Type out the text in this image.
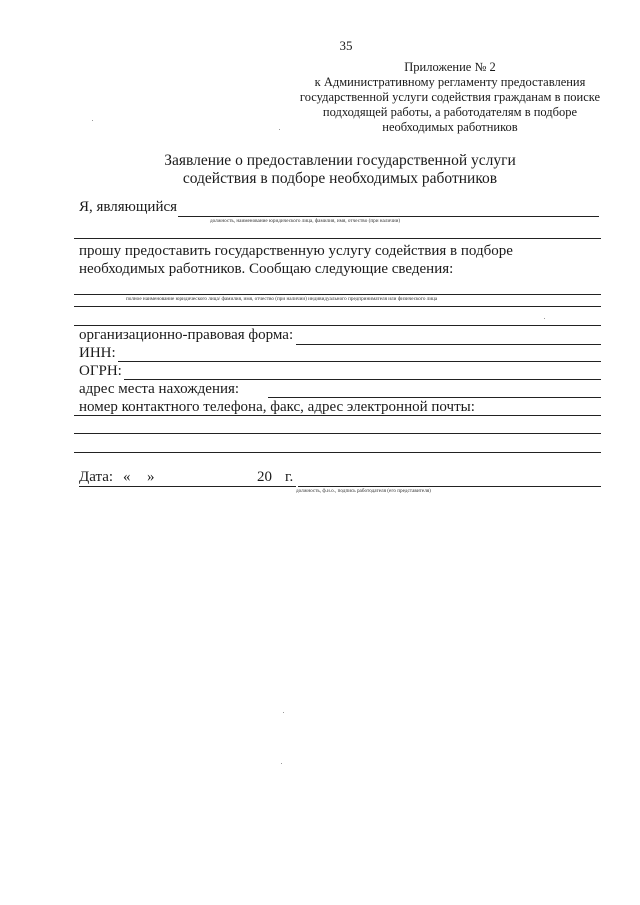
35
Приложение № 2
к Административному регламенту предоставления
государственной услуги содействия гражданам в поиске
подходящей работы, а работодателям в подборе
необходимых работников
Заявление о предоставлении государственной услуги
содействия в подборе необходимых работников
Я, являющийся
должность, наименование юридического лица, фамилия, имя, отчество (при наличии)
прошу предоставить государственную услугу содействия в подборе
необходимых работников. Сообщаю следующие сведения:
полное наименование юридического лица/ фамилия, имя, отчество (при наличии) индивидуального предпринимателя или физического лица
организационно-правовая форма:
ИНН:
ОГРН:
адрес места нахождения:
номер контактного телефона, факс, адрес электронной почты:
Дата: « »	20 г.
должность, ф.и.о., подпись работодателя (его представителя)
